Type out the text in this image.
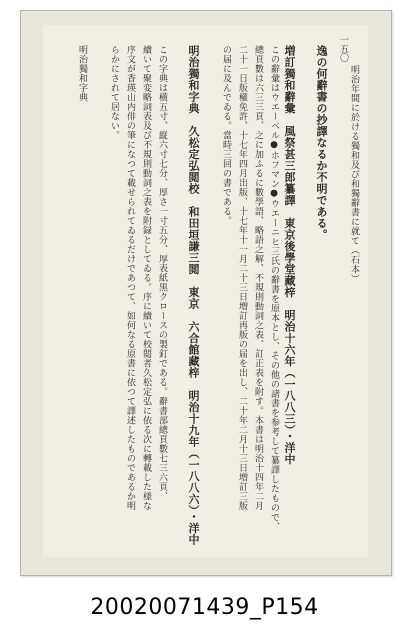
一五〇
明治年間に於ける獨和及び和獨辭書に就て（石本）
逸の何辭書の抄譯なるか不明である。
増訂獨和辭彙　風祭甚三郎纂譯　東京後學堂藏梓　明治十六年（一八八三）・洋中
この辭彙はウエーベル●ホフマン●ウエーニヒ三氏の辭書を原本とし、その他の諸書を参考して纂譯したもので、
總頁數は六三三頁、之に加ふるに數學語、略語之解、不規則動詞之表、訂正表を附す。本書は明治十四年二月
二十一日版權免許、十七年四月出版、十七年十一月二十三日増訂再版の届を出し、二十年二月十三日増訂三版
の届に及んでゐる。當時三回の書である。
明治獨和字典　久松定弘閲校　和田垣謙三閲　東京　六合館藏梓　明治十九年（一八八六）・洋中
この字典は横五寸、縦六寸七分、厚さ一寸五分、厚表紙黒クロースの製釘である。辭書部總頁數七三六頁、
續いて聚変略詞表及び不規則動詞之表を附録としてゐる。序に續いて校閲者久松定弘に依る次に轉載した様な
序文が香瑛山内俳の筆になつて載せられてゐるだけであつて、如何なる原書に依つて譯述したものであるか明
らかにされて居ない。
明治獨和字典
20020071439_P154
